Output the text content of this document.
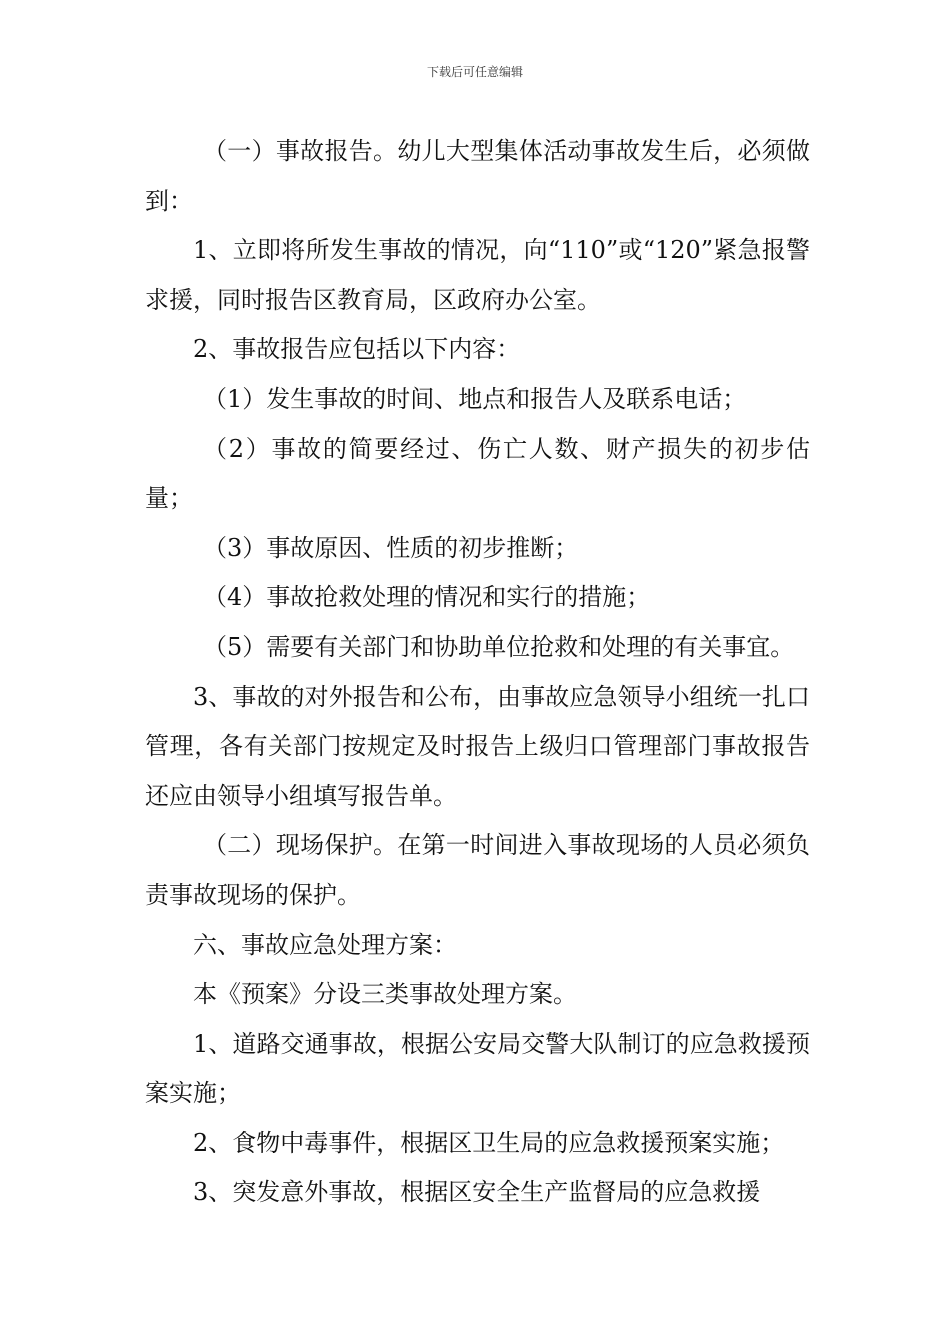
下载后可任意编辑

（一）事故报告。幼儿大型集体活动事故发生后，必须做到：

1、立即将所发生事故的情况，向“110”或“120”紧急报警求援，同时报告区教育局，区政府办公室。

2、事故报告应包括以下内容：

（1）发生事故的时间、地点和报告人及联系电话；

（2）事故的简要经过、伤亡人数、财产损失的初步估量；

（3）事故原因、性质的初步推断；

（4）事故抢救处理的情况和实行的措施；

（5）需要有关部门和协助单位抢救和处理的有关事宜。

3、事故的对外报告和公布，由事故应急领导小组统一扎口管理，各有关部门按规定及时报告上级归口管理部门事故报告还应由领导小组填写报告单。

（二）现场保护。在第一时间进入事故现场的人员必须负责事故现场的保护。

六、事故应急处理方案：

本《预案》分设三类事故处理方案。

1、道路交通事故，根据公安局交警大队制订的应急救援预案实施；

2、食物中毒事件，根据区卫生局的应急救援预案实施；

3、突发意外事故，根据区安全生产监督局的应急救援
